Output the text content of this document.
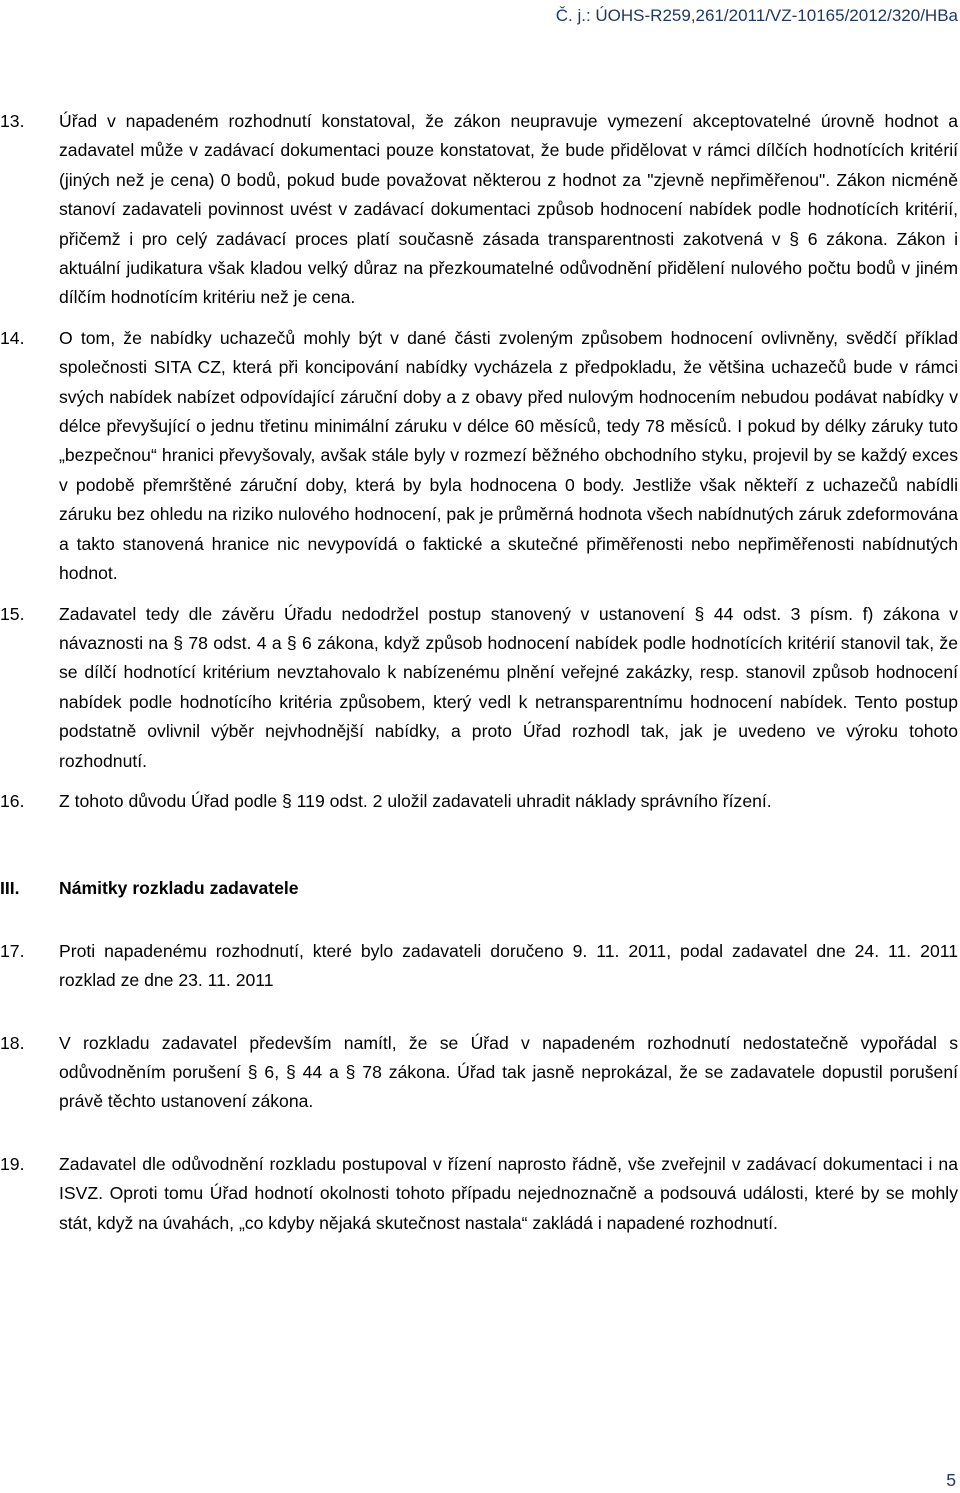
Č. j.: ÚOHS-R259,261/2011/VZ-10165/2012/320/HBa
13. Úřad v napadeném rozhodnutí konstatoval, že zákon neupravuje vymezení akceptovatelné úrovně hodnot a zadavatel může v zadávací dokumentaci pouze konstatovat, že bude přidělovat v rámci dílčích hodnotících kritérií (jiných než je cena) 0 bodů, pokud bude považovat některou z hodnot za "zjevně nepřiměřenou". Zákon nicméně stanoví zadavateli povinnost uvést v zadávací dokumentaci způsob hodnocení nabídek podle hodnotících kritérií, přičemž i pro celý zadávací proces platí současně zásada transparentnosti zakotvená v § 6 zákona. Zákon i aktuální judikatura však kladou velký důraz na přezkoumatelné odůvodnění přidělení nulového počtu bodů v jiném dílčím hodnotícím kritériu než je cena.
14. O tom, že nabídky uchazečů mohly být v dané části zvoleným způsobem hodnocení ovlivněny, svědčí příklad společnosti SITA CZ, která při koncipování nabídky vycházela z předpokladu, že většina uchazečů bude v rámci svých nabídek nabízet odpovídající záruční doby a z obavy před nulovým hodnocením nebudou podávat nabídky v délce převyšující o jednu třetinu minimální záruku v délce 60 měsíců, tedy 78 měsíců. I pokud by délky záruky tuto „bezpečnou“ hranici převyšovaly, avšak stále byly v rozmezí běžného obchodního styku, projevil by se každý exces v podobě přemrštěné záruční doby, která by byla hodnocena 0 body. Jestliže však někteří z uchazečů nabídli záruku bez ohledu na riziko nulového hodnocení, pak je průměrná hodnota všech nabídnutých záruk zdeformována a takto stanovená hranice nic nevypovídá o faktické a skutečné přiměřenosti nebo nepřiměřenosti nabídnutých hodnot.
15. Zadavatel tedy dle závěru Úřadu nedodržel postup stanovený v ustanovení § 44 odst. 3 písm. f) zákona v návaznosti na § 78 odst. 4 a § 6 zákona, když způsob hodnocení nabídek podle hodnotících kritérií stanovil tak, že se dílčí hodnotící kritérium nevztahovalo k nabízenému plnění veřejné zakázky, resp. stanovil způsob hodnocení nabídek podle hodnotícího kritéria způsobem, který vedl k netransparentnímu hodnocení nabídek. Tento postup podstatně ovlivnil výběr nejvhodnější nabídky, a proto Úřad rozhodl tak, jak je uvedeno ve výroku tohoto rozhodnutí.
16. Z tohoto důvodu Úřad podle § 119 odst. 2 uložil zadavateli uhradit náklady správního řízení.
III. Námitky rozkladu zadavatele
17. Proti napadenému rozhodnutí, které bylo zadavateli doručeno 9. 11. 2011, podal zadavatel dne 24. 11. 2011 rozklad ze dne 23. 11. 2011
18. V rozkladu zadavatel především namítl, že se Úřad v napadeném rozhodnutí nedostatečně vypořádal s odůvodněním porušení § 6, § 44 a § 78 zákona. Úřad tak jasně neprokázal, že se zadavatele dopustil porušení právě těchto ustanovení zákona.
19. Zadavatel dle odůvodnění rozkladu postupoval v řízení naprosto řádně, vše zveřejnil v zadávací dokumentaci i na ISVZ. Oproti tomu Úřad hodnotí okolnosti tohoto případu nejednoznačně a podsouvá události, které by se mohly stát, když na úvahách, „co kdyby nějaká skutečnost nastala“ zakládá i napadené rozhodnutí.
5
